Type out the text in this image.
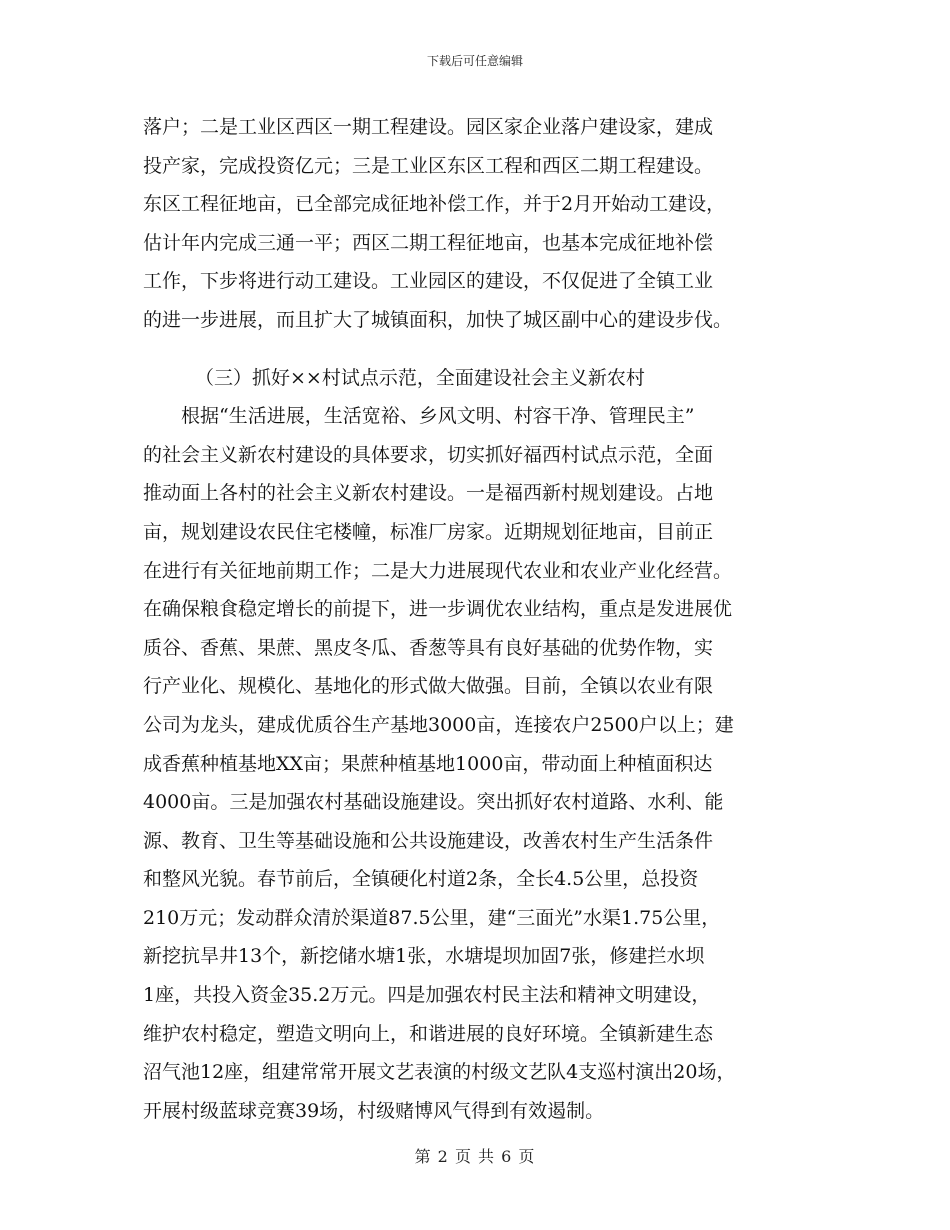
下载后可任意编辑
落户；二是工业区西区一期工程建设。园区家企业落户建设家，建成
投产家，完成投资亿元；三是工业区东区工程和西区二期工程建设。
东区工程征地亩，已全部完成征地补偿工作，并于2月开始动工建设，
估计年内完成三通一平；西区二期工程征地亩，也基本完成征地补偿
工作，下步将进行动工建设。工业园区的建设，不仅促进了全镇工业
的进一步进展，而且扩大了城镇面积，加快了城区副中心的建设步伐。
（三）抓好××村试点示范，全面建设社会主义新农村
根据“生活进展，生活宽裕、乡风文明、村容干净、管理民主”
的社会主义新农村建设的具体要求，切实抓好福西村试点示范，全面
推动面上各村的社会主义新农村建设。一是福西新村规划建设。占地
亩，规划建设农民住宅楼幢，标准厂房家。近期规划征地亩，目前正
在进行有关征地前期工作；二是大力进展现代农业和农业产业化经营。
在确保粮食稳定增长的前提下，进一步调优农业结构，重点是发进展优
质谷、香蕉、果蔗、黑皮冬瓜、香葱等具有良好基础的优势作物，实
行产业化、规模化、基地化的形式做大做强。目前，全镇以农业有限
公司为龙头，建成优质谷生产基地3000亩，连接农户2500户以上；建
成香蕉种植基地XX亩；果蔗种植基地1000亩，带动面上种植面积达
4000亩。三是加强农村基础设施建设。突出抓好农村道路、水利、能
源、教育、卫生等基础设施和公共设施建设，改善农村生产生活条件
和整风光貌。春节前后，全镇硬化村道2条，全长4.5公里，总投资
210万元；发动群众清於渠道87.5公里，建“三面光”水渠1.75公里，
新挖抗旱井13个，新挖储水塘1张，水塘堤坝加固7张，修建拦水坝
1座，共投入资金35.2万元。四是加强农村民主法和精神文明建设，
维护农村稳定，塑造文明向上，和谐进展的良好环境。全镇新建生态
沼气池12座，组建常常开展文艺表演的村级文艺队4支巡村演出20场，
开展村级蓝球竞赛39场，村级赌博风气得到有效遏制。
第 2 页 共 6 页
